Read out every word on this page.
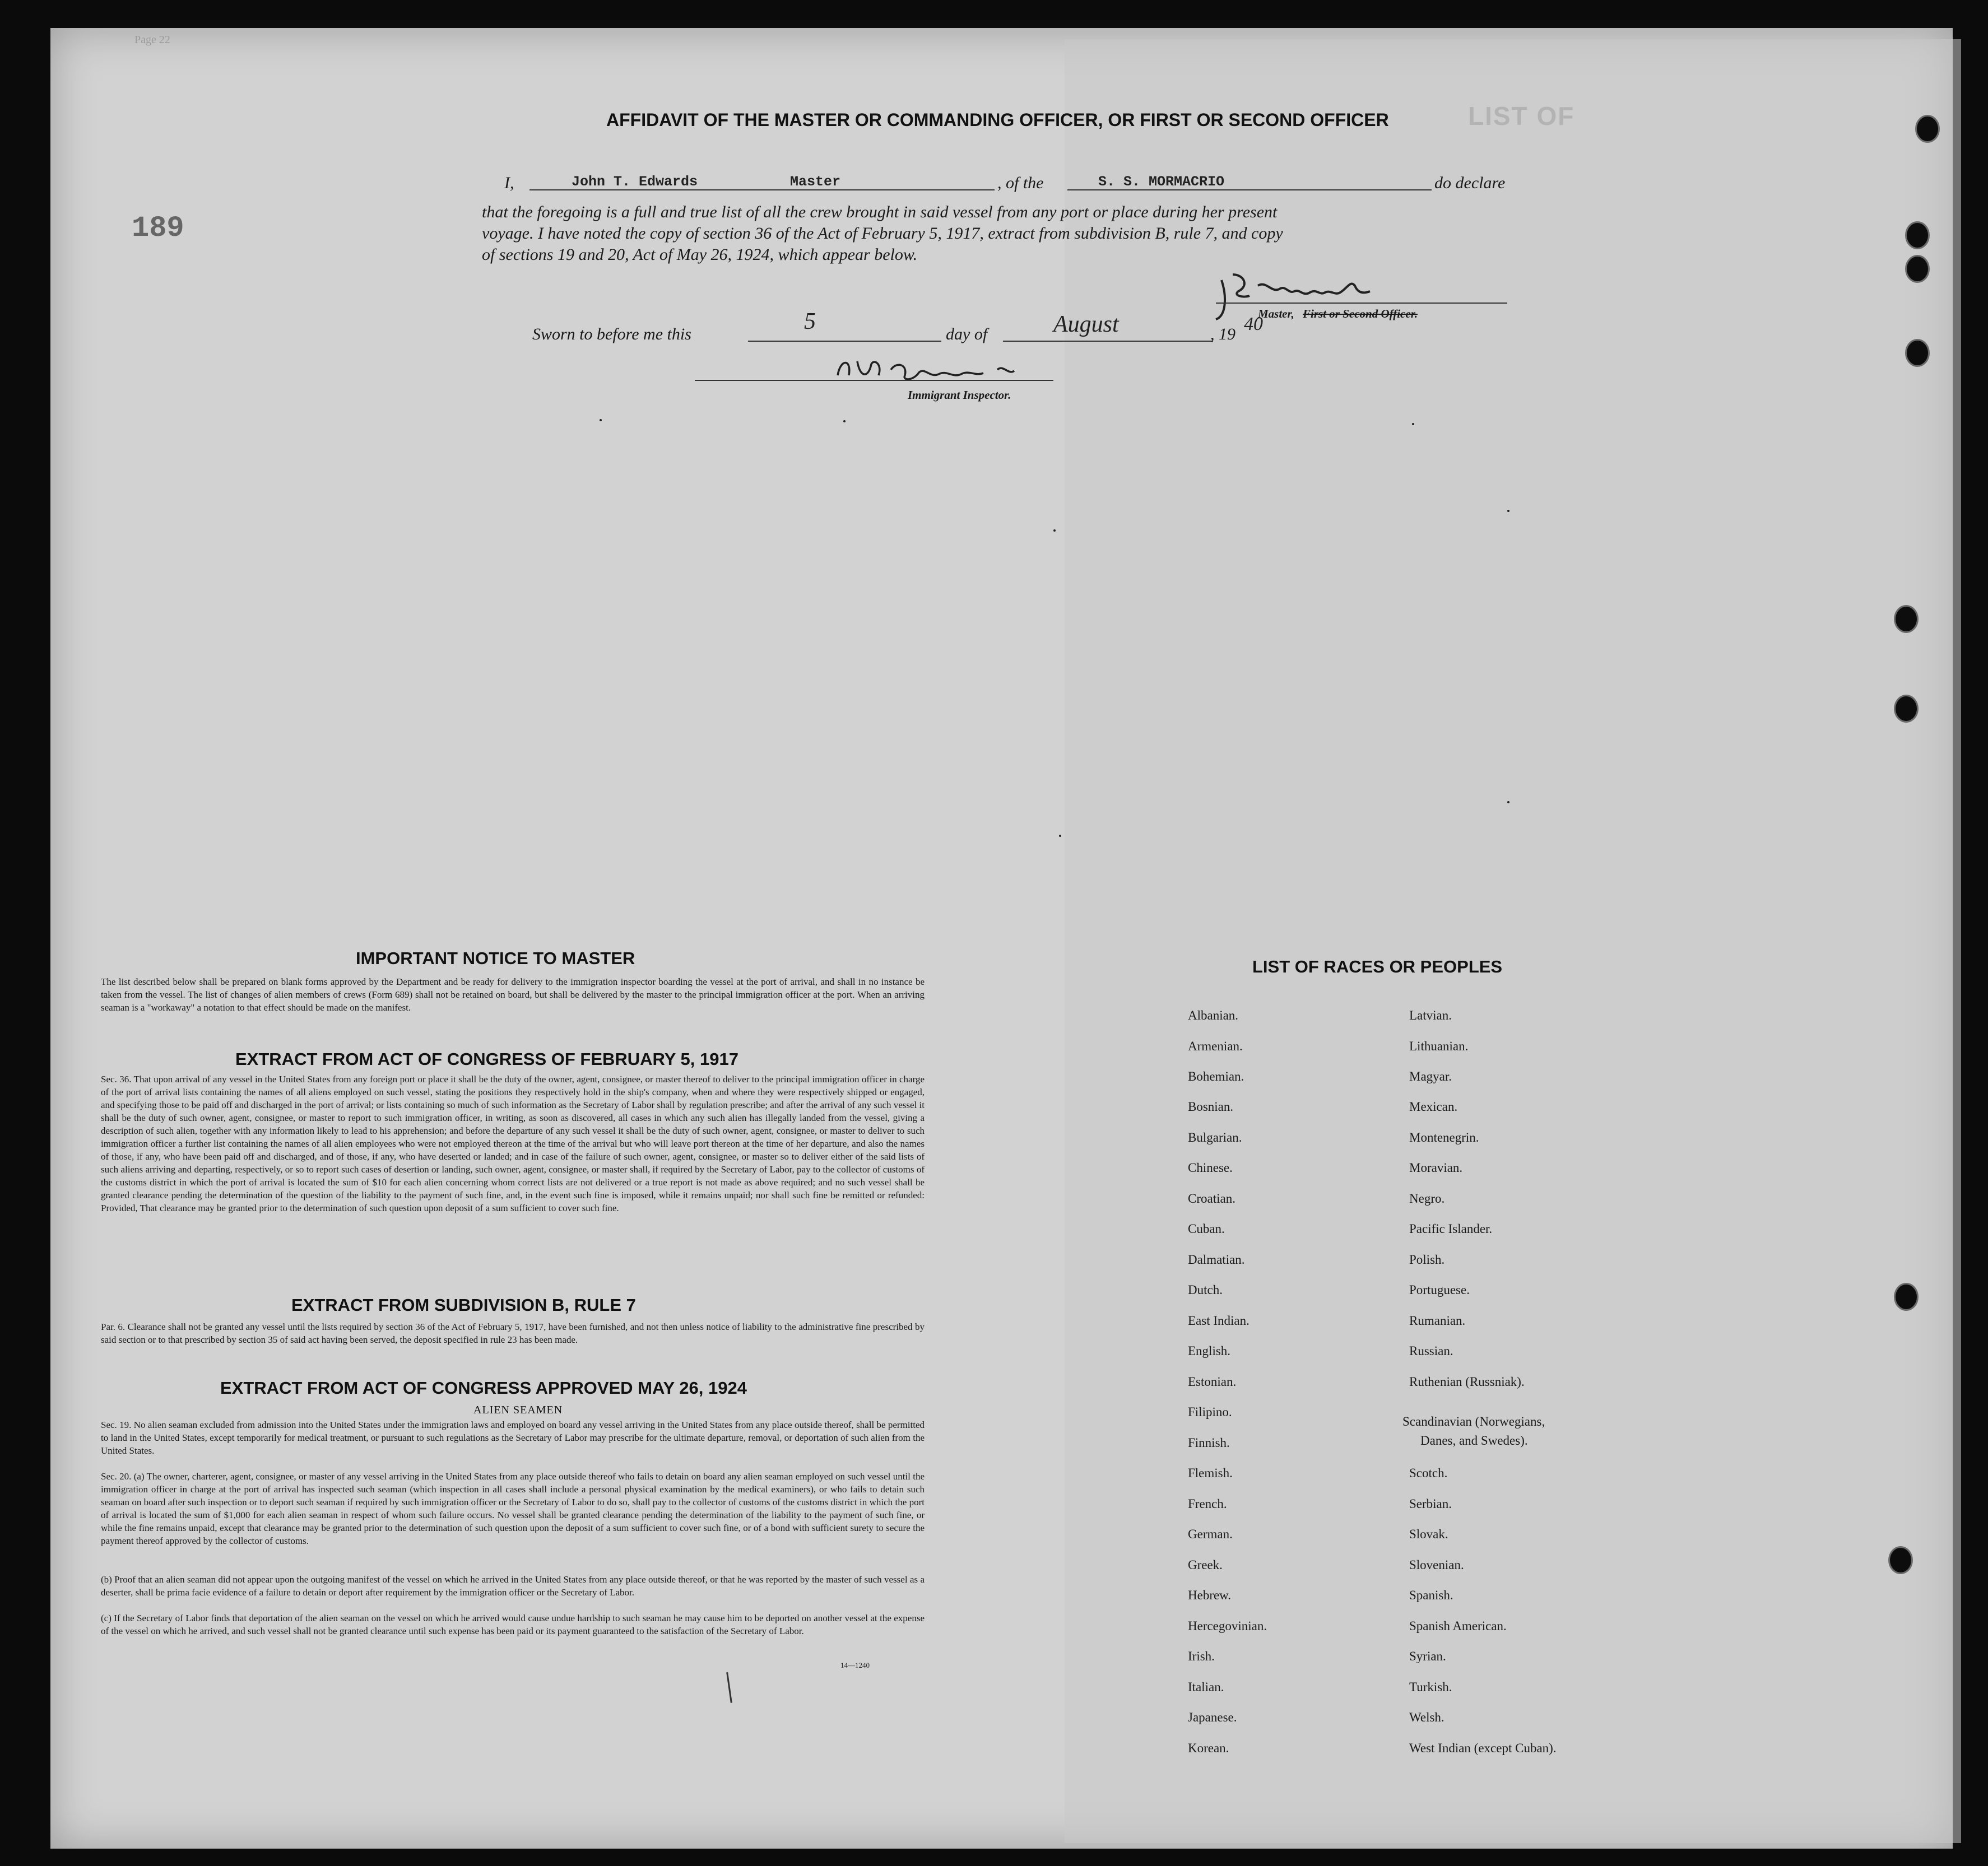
LIST OF
Page 22
189
AFFIDAVIT OF THE MASTER OR COMMANDING OFFICER, OR FIRST OR SECOND OFFICER
I,	John T. Edwards	Master	, of the	S. S. MORMACRIO	do declare
that the foregoing is a full and true list of all the crew brought in said vessel from any port or place during her present
voyage. I have noted the copy of section 36 of the Act of February 5, 1917, extract from subdivision B, rule 7, and copy
of sections 19 and 20, Act of May 26, 1924, which appear below.
Master, First or Second Officer.
Sworn to before me this	5	day of	August	, 19 40
Immigrant Inspector.
IMPORTANT NOTICE TO MASTER
The list described below shall be prepared on blank forms approved by the Department and be ready for delivery to the immigration inspector boarding the vessel at the port of arrival, and shall in no instance be taken from the vessel. The list of changes of alien members of crews (Form 689) shall not be retained on board, but shall be delivered by the master to the principal immigration officer at the port. When an arriving seaman is a "workaway" a notation to that effect should be made on the manifest.
EXTRACT FROM ACT OF CONGRESS OF FEBRUARY 5, 1917
Sec. 36. That upon arrival of any vessel in the United States from any foreign port or place it shall be the duty of the owner, agent, consignee, or master thereof to deliver to the principal immigration officer in charge of the port of arrival lists containing the names of all aliens employed on such vessel, stating the positions they respectively hold in the ship's company, when and where they were respectively shipped or engaged, and specifying those to be paid off and discharged in the port of arrival; or lists containing so much of such information as the Secretary of Labor shall by regulation prescribe; and after the arrival of any such vessel it shall be the duty of such owner, agent, consignee, or master to report to such immigration officer, in writing, as soon as discovered, all cases in which any such alien has illegally landed from the vessel, giving a description of such alien, together with any information likely to lead to his apprehension; and before the departure of any such vessel it shall be the duty of such owner, agent, consignee, or master to deliver to such immigration officer a further list containing the names of all alien employees who were not employed thereon at the time of the arrival but who will leave port thereon at the time of her departure, and also the names of those, if any, who have been paid off and discharged, and of those, if any, who have deserted or landed; and in case of the failure of such owner, agent, consignee, or master so to deliver either of the said lists of such aliens arriving and departing, respectively, or so to report such cases of desertion or landing, such owner, agent, consignee, or master shall, if required by the Secretary of Labor, pay to the collector of customs of the customs district in which the port of arrival is located the sum of $10 for each alien concerning whom correct lists are not delivered or a true report is not made as above required; and no such vessel shall be granted clearance pending the determination of the question of the liability to the payment of such fine, and, in the event such fine is imposed, while it remains unpaid; nor shall such fine be remitted or refunded: Provided, That clearance may be granted prior to the determination of such question upon deposit of a sum sufficient to cover such fine.
EXTRACT FROM SUBDIVISION B, RULE 7
Par. 6. Clearance shall not be granted any vessel until the lists required by section 36 of the Act of February 5, 1917, have been furnished, and not then unless notice of liability to the administrative fine prescribed by said section or to that prescribed by section 35 of said act having been served, the deposit specified in rule 23 has been made.
EXTRACT FROM ACT OF CONGRESS APPROVED MAY 26, 1924
ALIEN SEAMEN
Sec. 19. No alien seaman excluded from admission into the United States under the immigration laws and employed on board any vessel arriving in the United States from any place outside thereof, shall be permitted to land in the United States, except temporarily for medical treatment, or pursuant to such regulations as the Secretary of Labor may prescribe for the ultimate departure, removal, or deportation of such alien from the United States.
Sec. 20. (a) The owner, charterer, agent, consignee, or master of any vessel arriving in the United States from any place outside thereof who fails to detain on board any alien seaman employed on such vessel until the immigration officer in charge at the port of arrival has inspected such seaman (which inspection in all cases shall include a personal physical examination by the medical examiners), or who fails to detain such seaman on board after such inspection or to deport such seaman if required by such immigration officer or the Secretary of Labor to do so, shall pay to the collector of customs of the customs district in which the port of arrival is located the sum of $1,000 for each alien seaman in respect of whom such failure occurs. No vessel shall be granted clearance pending the determination of the liability to the payment of such fine, or while the fine remains unpaid, except that clearance may be granted prior to the determination of such question upon the deposit of a sum sufficient to cover such fine, or of a bond with sufficient surety to secure the payment thereof approved by the collector of customs.
(b) Proof that an alien seaman did not appear upon the outgoing manifest of the vessel on which he arrived in the United States from any place outside thereof, or that he was reported by the master of such vessel as a deserter, shall be prima facie evidence of a failure to detain or deport after requirement by the immigration officer or the Secretary of Labor.
(c) If the Secretary of Labor finds that deportation of the alien seaman on the vessel on which he arrived would cause undue hardship to such seaman he may cause him to be deported on another vessel at the expense of the vessel on which he arrived, and such vessel shall not be granted clearance until such expense has been paid or its payment guaranteed to the satisfaction of the Secretary of Labor.
14—1240
LIST OF RACES OR PEOPLES
Albanian.
Armenian.
Bohemian.
Bosnian.
Bulgarian.
Chinese.
Croatian.
Cuban.
Dalmatian.
Dutch.
East Indian.
English.
Estonian.
Filipino.
Finnish.
Flemish.
French.
German.
Greek.
Hebrew.
Hercegovinian.
Irish.
Italian.
Japanese.
Korean.
Latvian.
Lithuanian.
Magyar.
Mexican.
Montenegrin.
Moravian.
Negro.
Pacific Islander.
Polish.
Portuguese.
Rumanian.
Russian.
Ruthenian (Russniak).
Scandinavian (Norwegians,
Danes, and Swedes).
Scotch.
Serbian.
Slovak.
Slovenian.
Spanish.
Spanish American.
Syrian.
Turkish.
Welsh.
West Indian (except Cuban).
